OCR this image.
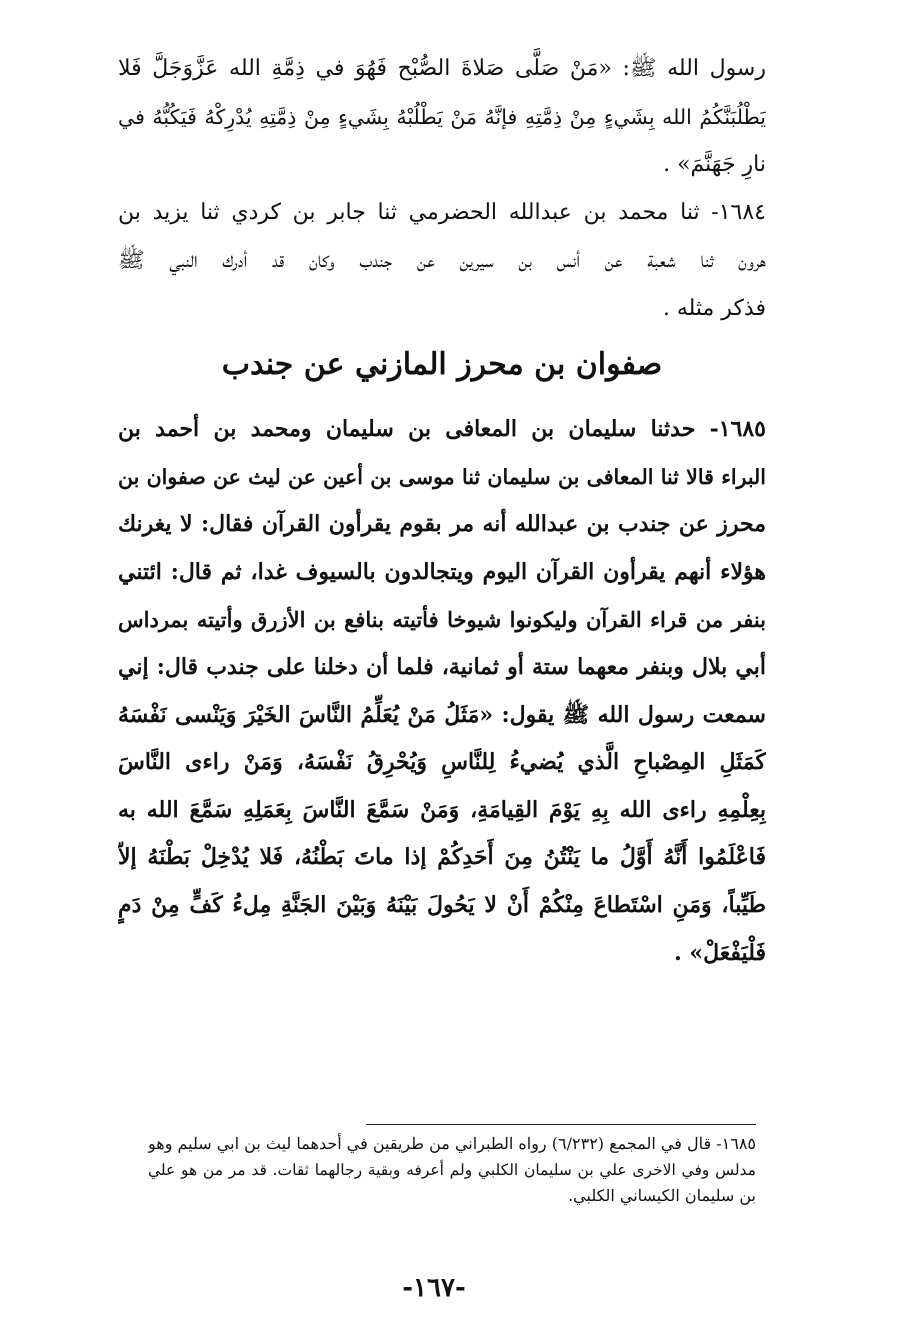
رسول الله ﷺ: «مَنْ صَلَّى صَلاةَ الصُّبْح فَهُوَ في ذِمَّةِ الله عَزَّوَجَلَّ فَلا
يَطْلُبَنَّكُمُ الله بِشَيءٍ مِنْ ذِمَّتِهِ فإنَّهُ مَنْ يَطْلُبْهُ بِشَيءٍ مِنْ ذِمَّتِهِ يُدْرِكْهُ فَيَكُبُّهُ في
نارِ جَهَنَّمَ» .
١٦٨٤- ثنا محمد بن عبدالله الحضرمي ثنا جابر بن كردي ثنا يزيد بن
هرون ثنا شعبة عن أنس بن سيرين عن جندب وكان قد أدرك النبي ﷺ
فذكر مثله .
صفوان بن محرز المازني عن جندب
١٦٨٥- حدثنا سليمان بن المعافى بن سليمان ومحمد بن أحمد بن
البراء قالا ثنا المعافى بن سليمان ثنا موسى بن أعين عن ليث عن صفوان بن
محرز عن جندب بن عبدالله أنه مر بقوم يقرأون القرآن فقال: لا يغرنك
هؤلاء أنهم يقرأون القرآن اليوم ويتجالدون بالسيوف غدا، ثم قال: ائتني
بنفر من قراء القرآن وليكونوا شيوخا فأتيته بنافع بن الأزرق وأتيته بمرداس
أبي بلال وبنفر معهما ستة أو ثمانية، فلما أن دخلنا على جندب قال: إني
سمعت رسول الله ﷺ يقول: «مَثَلُ مَنْ يُعَلِّمُ النَّاسَ الخَيْرَ وَيَنْسى نَفْسَهُ
كَمَثَلِ المِصْباحِ الَّذي يُضيءُ لِلنَّاسِ وَيُحْرِقُ نَفْسَهُ، وَمَنْ راءى النَّاسَ
بِعِلْمِهِ راءى الله بِهِ يَوْمَ القِيامَةِ، وَمَنْ سَمَّعَ النَّاسَ بِعَمَلِهِ سَمَّعَ الله به
فَاعْلَمُوا أَنَّهُ أَوَّلُ ما يَنْتُنُ مِنَ أَحَدِكُمْ إذا ماتَ بَطْنُهُ، فَلا يُدْخِلْ بَطْنَهُ إلاّ
طَيِّباً، وَمَنِ اسْتَطاعَ مِنْكُمْ أَنْ لا يَحُولَ بَيْنَهُ وَبَيْنَ الجَنَّةِ مِلءُ كَفٍّ مِنْ دَمٍ
فَلْيَفْعَلْ» .
١٦٨٥- قال في المجمع (٦/٢٣٢) رواه الطبراني من طريقين في أحدهما ليث بن ابي سليم وهو
مدلس وفي الاخرى علي بن سليمان الكلبي ولم أعرفه وبقية رجالهما ثقات. قد مر من هو علي
بن سليمان الكيساني الكلبي.
-١٦٧-
